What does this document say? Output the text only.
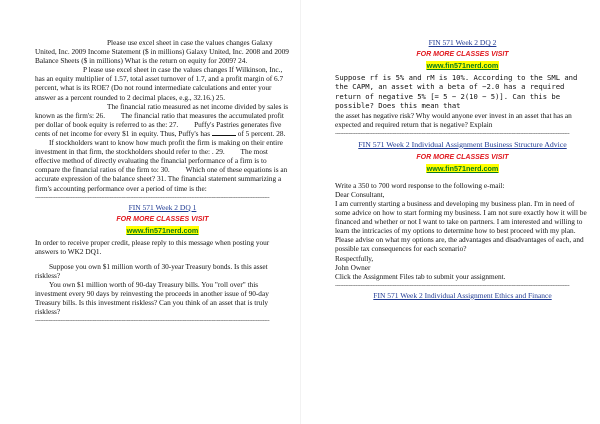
Please use excel sheet in case the values changes Galaxy United, Inc. 2009 Income Statement ($ in millions) Galaxy United, Inc. 2008 and 2009 Balance Sheets ($ in millions) What is the return on equity for 2009? 24. P lease use excel sheet in case the values changes If Wilkinson, Inc., has an equity multiplier of 1.57, total asset turnover of 1.7, and a profit margin of 6.7 percent, what is its ROE? (Do not round intermediate calculations and enter your answer as a percent rounded to 2 decimal places, e.g., 32.16.) 25. The financial ratio measured as net income divided by sales is known as the firm's: 26. The financial ratio that measures the accumulated profit per dollar of book equity is referred to as the: 27. Puffy's Pastries generates five cents of net income for every $1 in equity. Thus, Puffy's has	of 5 percent. 28. If stockholders want to know how much profit the firm is making on their entire investment in that firm, the stockholders should refer to the: . 29. The most effective method of directly evaluating the financial performance of a firm is to compare the financial ratios of the firm to: 30. Which one of these equations is an accurate expression of the balance sheet? 31. The financial statement summarizing a firm's accounting performance over a period of time is the:

------------------------------------------------------------------------------------------------------------------------------------------

FIN 571 Week 2 DQ 1

FOR MORE CLASSES VISIT

www.fin571nerd.com

In order to receive proper credit, please reply to this message when posting your answers to WK2 DQ1.

Suppose you own $1 million worth of 30-year Treasury bonds. Is this asset riskless?

You own $1 million worth of 90-day Treasury bills. You "roll over" this investment every 90 days by reinvesting the proceeds in another issue of 90-day Treasury bills. Is this investment riskless? Can you think of an asset that is truly riskless?

------------------------------------------------------------------------------------------------------------------------------------------

FIN 571 Week 2 DQ 2

FOR MORE CLASSES VISIT

www.fin571nerd.com

Suppose rf is 5% and rM is 10%. According to the SML and the CAPM, an asset with a beta of −2.0 has a required return of negative 5% [= 5 − 2(10 − 5)]. Can this be possible? Does this mean that

the asset has negative risk? Why would anyone ever invest in an asset that has an expected and required return that is negative? Explain

------------------------------------------------------------------------------------------------------------------------------------------

FIN 571 Week 2 Individual Assignment Business Structure Advice

FOR MORE CLASSES VISIT

www.fin571nerd.com

Write a 350 to 700 word response to the following e-mail:

Dear Consultant,

I am currently starting a business and developing my business plan. I'm in need of some advice on how to start forming my business. I am not sure exactly how it will be financed and whether or not I want to take on partners. I am interested and willing to learn the intricacies of my options to determine how to best proceed with my plan. Please advise on what my options are, the advantages and disadvantages of each, and possible tax consequences for each scenario?

Respectfully,

John Owner

Click the Assignment Files tab to submit your assignment.

------------------------------------------------------------------------------------------------------------------------------------------

FIN 571 Week 2 Individual Assignment Ethics and Finance
